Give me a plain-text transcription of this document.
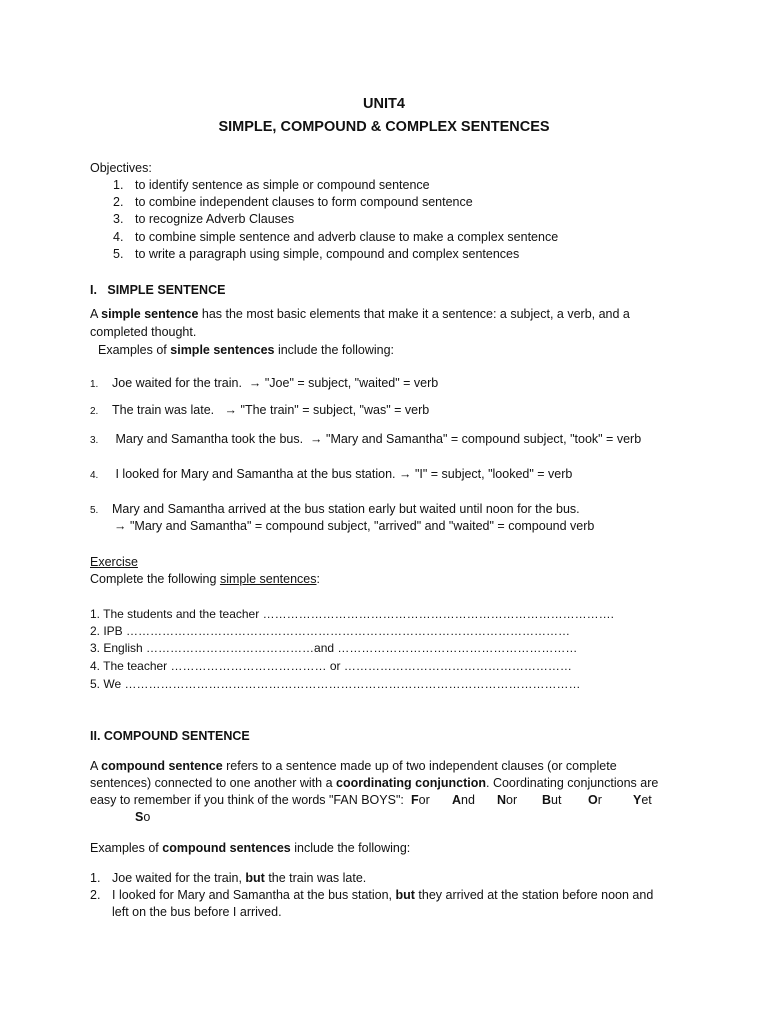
UNIT4
SIMPLE, COMPOUND & COMPLEX SENTENCES
Objectives:
1. to identify sentence as simple or compound sentence
2. to combine independent clauses to form compound sentence
3. to recognize Adverb Clauses
4. to combine simple sentence and adverb clause to make a complex sentence
5. to write a paragraph using simple, compound and complex sentences
I.   SIMPLE SENTENCE
A simple sentence has the most basic elements that make it a sentence: a subject, a verb, and a
completed thought.
Examples of simple sentences include the following:
1. Joe waited for the train.  → "Joe" = subject, "waited" = verb
2. The train was late.   → "The train" = subject, "was" = verb
3. Mary and Samantha took the bus.  → "Mary and Samantha" = compound subject, "took" = verb
4. I looked for Mary and Samantha at the bus station. → "I" = subject, "looked" = verb
5. Mary and Samantha arrived at the bus station early but waited until noon for the bus.
→ "Mary and Samantha" = compound subject, "arrived" and "waited" = compound verb
Exercise
Complete the following simple sentences:
1. The students and the teacher …………………………………………………………………………….
2. IPB …………………………………………………………………………………………………
3. English ……………………………………and ……………………………………………………
4. The teacher ………………………………… or …………………………………………………
5. We ……………………………………………………………………………………………………
II. COMPOUND SENTENCE
A compound sentence refers to a sentence made up of two independent clauses (or complete
sentences) connected to one another with a coordinating conjunction. Coordinating conjunctions are
easy to remember if you think of the words "FAN BOYS": For And Nor But Or Yet
So
Examples of compound sentences include the following:
1. Joe waited for the train, but the train was late.
2. I looked for Mary and Samantha at the bus station, but they arrived at the station before noon and
left on the bus before I arrived.
